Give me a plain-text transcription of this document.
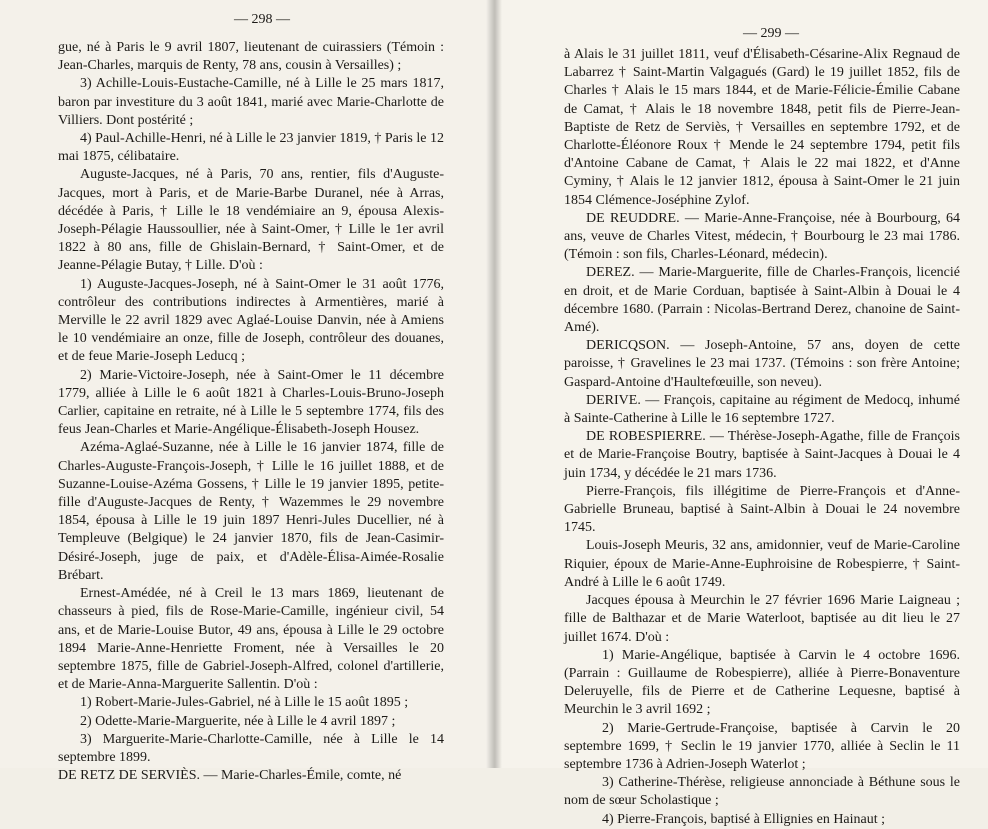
— 298 —

gue, né à Paris le 9 avril 1807, lieutenant de cuirassiers (Témoin : Jean-Charles, marquis de Renty, 78 ans, cousin à Versailles) ;

3) Achille-Louis-Eustache-Camille, né à Lille le 25 mars 1817, baron par investiture du 3 août 1841, marié avec Marie-Charlotte de Villiers. Dont postérité ;

4) Paul-Achille-Henri, né à Lille le 23 janvier 1819, † Paris le 12 mai 1875, célibataire.

Auguste-Jacques, né à Paris, 70 ans, rentier, fils d'Auguste-Jacques, mort à Paris, et de Marie-Barbe Duranel, née à Arras, décédée à Paris, † Lille le 18 vendémiaire an 9, épousa Alexis-Joseph-Pélagie Haussoullier, née à Saint-Omer, † Lille le 1er avril 1822 à 80 ans, fille de Ghislain-Bernard, † Saint-Omer, et de Jeanne-Pélagie Butay, † Lille. D'où :

1) Auguste-Jacques-Joseph, né à Saint-Omer le 31 août 1776, contrôleur des contributions indirectes à Armentières, marié à Merville le 22 avril 1829 avec Aglaé-Louise Danvin, née à Amiens le 10 vendémiaire an onze, fille de Joseph, contrôleur des douanes, et de feue Marie-Joseph Leducq ;

2) Marie-Victoire-Joseph, née à Saint-Omer le 11 décembre 1779, alliée à Lille le 6 août 1821 à Charles-Louis-Bruno-Joseph Carlier, capitaine en retraite, né à Lille le 5 septembre 1774, fils des feus Jean-Charles et Marie-Angélique-Élisabeth-Joseph Housez.

Azéma-Aglaé-Suzanne, née à Lille le 16 janvier 1874, fille de Charles-Auguste-François-Joseph, † Lille le 16 juillet 1888, et de Suzanne-Louise-Azéma Gossens, † Lille le 19 janvier 1895, petite-fille d'Auguste-Jacques de Renty, † Wazemmes le 29 novembre 1854, épousa à Lille le 19 juin 1897 Henri-Jules Ducellier, né à Templeuve (Belgique) le 24 janvier 1870, fils de Jean-Casimir-Désiré-Joseph, juge de paix, et d'Adèle-Élisa-Aimée-Rosalie Brébart.

Ernest-Amédée, né à Creil le 13 mars 1869, lieutenant de chasseurs à pied, fils de Rose-Marie-Camille, ingénieur civil, 54 ans, et de Marie-Louise Butor, 49 ans, épousa à Lille le 29 octobre 1894 Marie-Anne-Henriette Froment, née à Versailles le 20 septembre 1875, fille de Gabriel-Joseph-Alfred, colonel d'artillerie, et de Marie-Anna-Marguerite Sallentin. D'où :

1) Robert-Marie-Jules-Gabriel, né à Lille le 15 août 1895 ;

2) Odette-Marie-Marguerite, née à Lille le 4 avril 1897 ;

3) Marguerite-Marie-Charlotte-Camille, née à Lille le 14 septembre 1899.

DE RETZ DE SERVIÈS. — Marie-Charles-Émile, comte, né

— 299 —

à Alais le 31 juillet 1811, veuf d'Élisabeth-Césarine-Alix Regnaud de Labarrez † Saint-Martin Valgagués (Gard) le 19 juillet 1852, fils de Charles † Alais le 15 mars 1844, et de Marie-Félicie-Émilie Cabane de Camat, † Alais le 18 novembre 1848, petit fils de Pierre-Jean-Baptiste de Retz de Serviès, † Versailles en septembre 1792, et de Charlotte-Éléonore Roux † Mende le 24 septembre 1794, petit fils d'Antoine Cabane de Camat, † Alais le 22 mai 1822, et d'Anne Cyminy, † Alais le 12 janvier 1812, épousa à Saint-Omer le 21 juin 1854 Clémence-Joséphine Zylof.

DE REUDDRE. — Marie-Anne-Françoise, née à Bourbourg, 64 ans, veuve de Charles Vitest, médecin, † Bourbourg le 23 mai 1786. (Témoin : son fils, Charles-Léonard, médecin).

DEREZ. — Marie-Marguerite, fille de Charles-François, licencié en droit, et de Marie Corduan, baptisée à Saint-Albin à Douai le 4 décembre 1680. (Parrain : Nicolas-Bertrand Derez, chanoine de Saint-Amé).

DERICQSON. — Joseph-Antoine, 57 ans, doyen de cette paroisse, † Gravelines le 23 mai 1737. (Témoins : son frère Antoine; Gaspard-Antoine d'Haultefœuille, son neveu).

DERIVE. — François, capitaine au régiment de Medocq, inhumé à Sainte-Catherine à Lille le 16 septembre 1727.

DE ROBESPIERRE. — Thérèse-Joseph-Agathe, fille de François et de Marie-Françoise Boutry, baptisée à Saint-Jacques à Douai le 4 juin 1734, y décédée le 21 mars 1736.

Pierre-François, fils illégitime de Pierre-François et d'Anne-Gabrielle Bruneau, baptisé à Saint-Albin à Douai le 24 novembre 1745.

Louis-Joseph Meuris, 32 ans, amidonnier, veuf de Marie-Caroline Riquier, époux de Marie-Anne-Euphroisine de Robespierre, † Saint-André à Lille le 6 août 1749.

Jacques épousa à Meurchin le 27 février 1696 Marie Laigneau ; fille de Balthazar et de Marie Waterloot, baptisée au dit lieu le 27 juillet 1674. D'où :

1) Marie-Angélique, baptisée à Carvin le 4 octobre 1696. (Parrain : Guillaume de Robespierre), alliée à Pierre-Bonaventure Deleruyelle, fils de Pierre et de Catherine Lequesne, baptisé à Meurchin le 3 avril 1692 ;

2) Marie-Gertrude-Françoise, baptisée à Carvin le 20 septembre 1699, † Seclin le 19 janvier 1770, alliée à Seclin le 11 septembre 1736 à Adrien-Joseph Waterlot ;

3) Catherine-Thérèse, religieuse annonciade à Béthune sous le nom de sœur Scholastique ;

4) Pierre-François, baptisé à Ellignies en Hainaut ;
